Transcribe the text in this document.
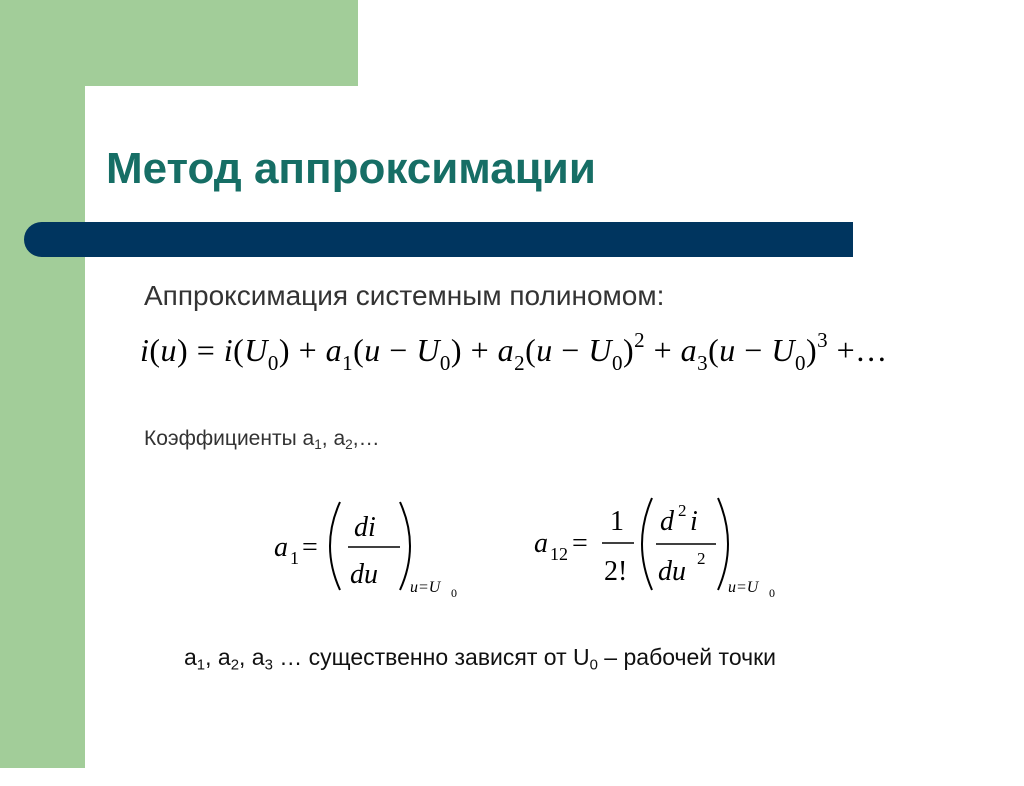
Метод аппроксимации

Аппроксимация системным полиномом:

$i(u) = i(U_0) + a_1(u - U_0) + a_2(u - U_0)^2 + a_3(u - U_0)^3$ +…
Коэффициенты $a_1$, $a_2,\dots$
a 1 =
di
du u=U 0
a 12 =
1
2!
d 2 i
du 2
u=U 0
$a_1$, $a_2$, $a_3$ … существенно зависят от $U_0$ – рабочей точки
